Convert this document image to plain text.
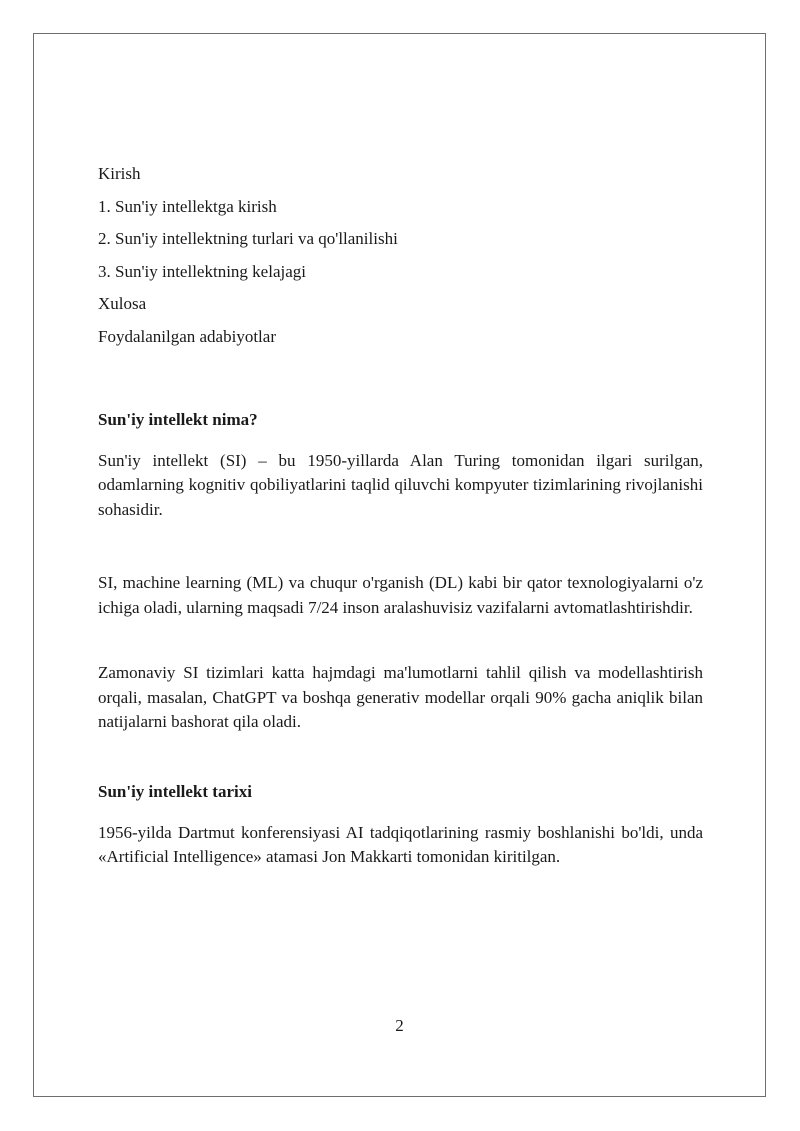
Kirish
1. Sun'iy intellektga kirish
2. Sun'iy intellektning turlari va qo'llanilishi
3. Sun'iy intellektning kelajagi
Xulosa
Foydalanilgan adabiyotlar

Sun'iy intellekt nima?

Sun'iy intellekt (SI) – bu 1950-yillarda Alan Turing tomonidan ilgari surilgan, odamlarning kognitiv qobiliyatlarini taqlid qiluvchi kompyuter tizimlarining rivojlanishi sohasidir.

SI, machine learning (ML) va chuqur o'rganish (DL) kabi bir qator texnologiyalarni o'z ichiga oladi, ularning maqsadi 7/24 inson aralashuvisiz vazifalarni avtomatlashtirishdir.

Zamonaviy SI tizimlari katta hajmdagi ma'lumotlarni tahlil qilish va modellashtirish orqali, masalan, ChatGPT va boshqa generativ modellar orqali 90% gacha aniqlik bilan natijalarni bashorat qila oladi.

Sun'iy intellekt tarixi

1956-yilda Dartmut konferensiyasi AI tadqiqotlarining rasmiy boshlanishi bo'ldi, unda «Artificial Intelligence» atamasi Jon Makkarti tomonidan kiritilgan.

2
